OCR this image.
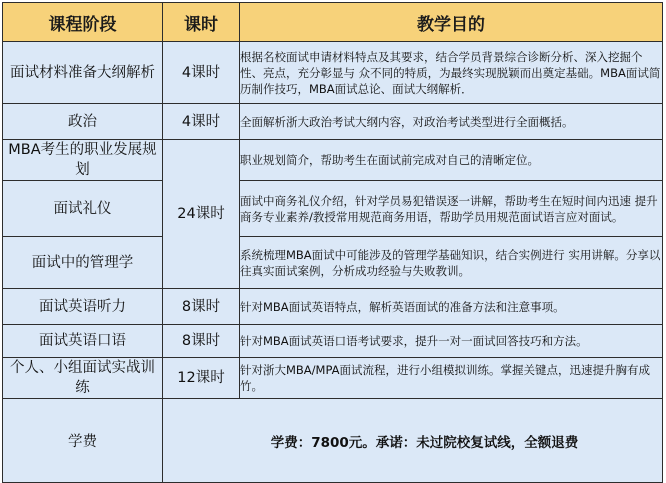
课程阶段	课时	教学目的
面试材料准备大纲解析	4课时	根据名校面试申请材料特点及其要求，结合学员背景综合诊断分析、深入挖掘个性、亮点，充分彰显与 众不同的特质，为最终实现脱颖而出奠定基础。MBA面试简历制作技巧，MBA面试总论、面试大纲解析．
政治	4课时	全面解析浙大政治考试大纲内容，对政治考试类型进行全面概括。
MBA考生的职业发展规划	24课时	职业规划简介，帮助考生在面试前完成对自己的清晰定位。
面试礼仪		面试中商务礼仪介绍，针对学员易犯错误逐一讲解，帮助考生在短时间内迅速 提升商务专业素养/教授常用规范商务用语，帮助学员用规范面试语言应对面试。
面试中的管理学		系统梳理MBA面试中可能涉及的管理学基础知识，结合实例进行 实用讲解。分享以往真实面试案例，分析成功经验与失败教训。
面试英语听力	8课时	针对MBA面试英语特点，解析英语面试的准备方法和注意事项。
面试英语口语	8课时	针对MBA面试英语口语考试要求，提升一对一面试回答技巧和方法。
个人、小组面试实战训练	12课时	针对浙大MBA/MPA面试流程，进行小组模拟训练。掌握关键点，迅速提升胸有成竹。
学费	学费：7800元。承诺：未过院校复试线，全额退费	
